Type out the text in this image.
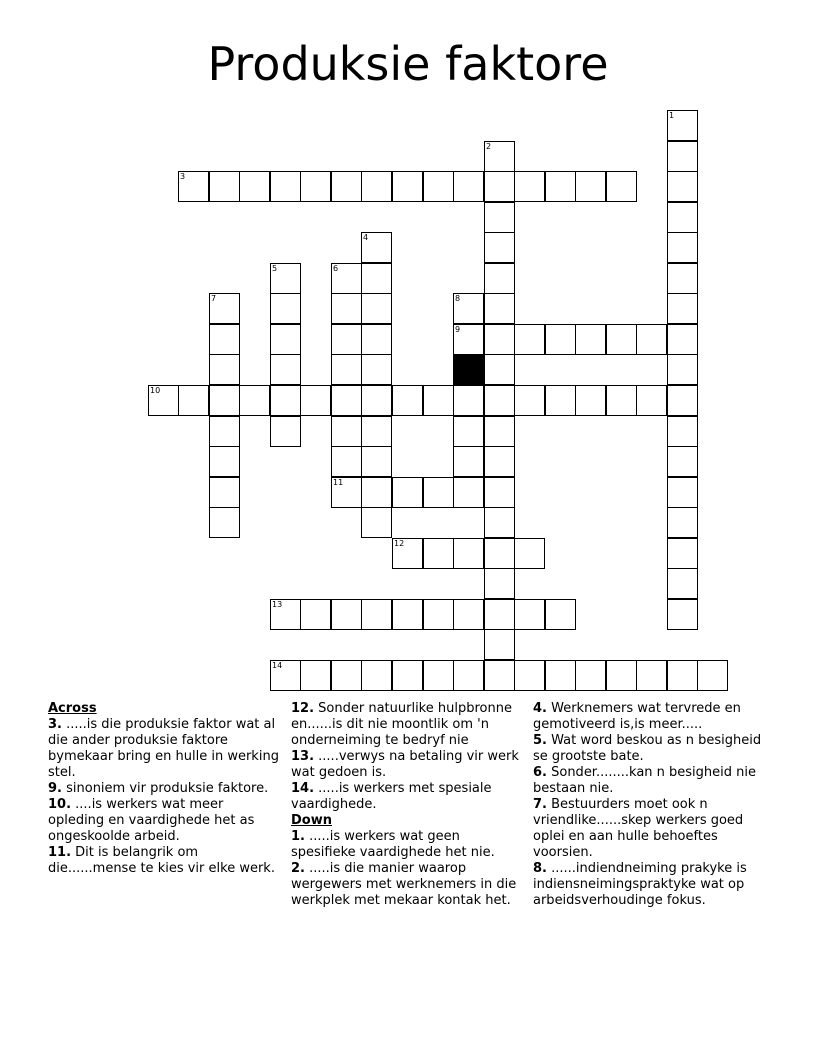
Produksie faktore
1
2
3
4
5	6
7	8
9
10
11
12
13
14
Across

3. .....is die produksie faktor wat al die ander produksie faktore bymekaar bring en hulle in werking stel.

9. sinoniem vir produksie faktore.

10. ....is werkers wat meer opleding en vaardighede het as ongeskoolde arbeid.

11. Dit is belangrik om die......mense te kies vir elke werk.

12. Sonder natuurlike hulpbronne en......is dit nie moontlik om 'n onderneiming te bedryf nie

13. .....verwys na betaling vir werk wat gedoen is.

14. .....is werkers met spesiale vaardighede.

Down

1. .....is werkers wat geen spesifieke vaardighede het nie.

2. .....is die manier waarop wergewers met werknemers in die werkplek met mekaar kontak het.

4. Werknemers wat tervrede en gemotiveerd is,is meer.....

5. Wat word beskou as n besigheid se grootste bate.

6. Sonder........kan n besigheid nie bestaan nie.

7. Bestuurders moet ook n vriendlike......skep werkers goed oplei en aan hulle behoeftes voorsien.

8. ......indiendneiming prakyke is indiensneimingspraktyke wat op arbeidsverhoudinge fokus.
